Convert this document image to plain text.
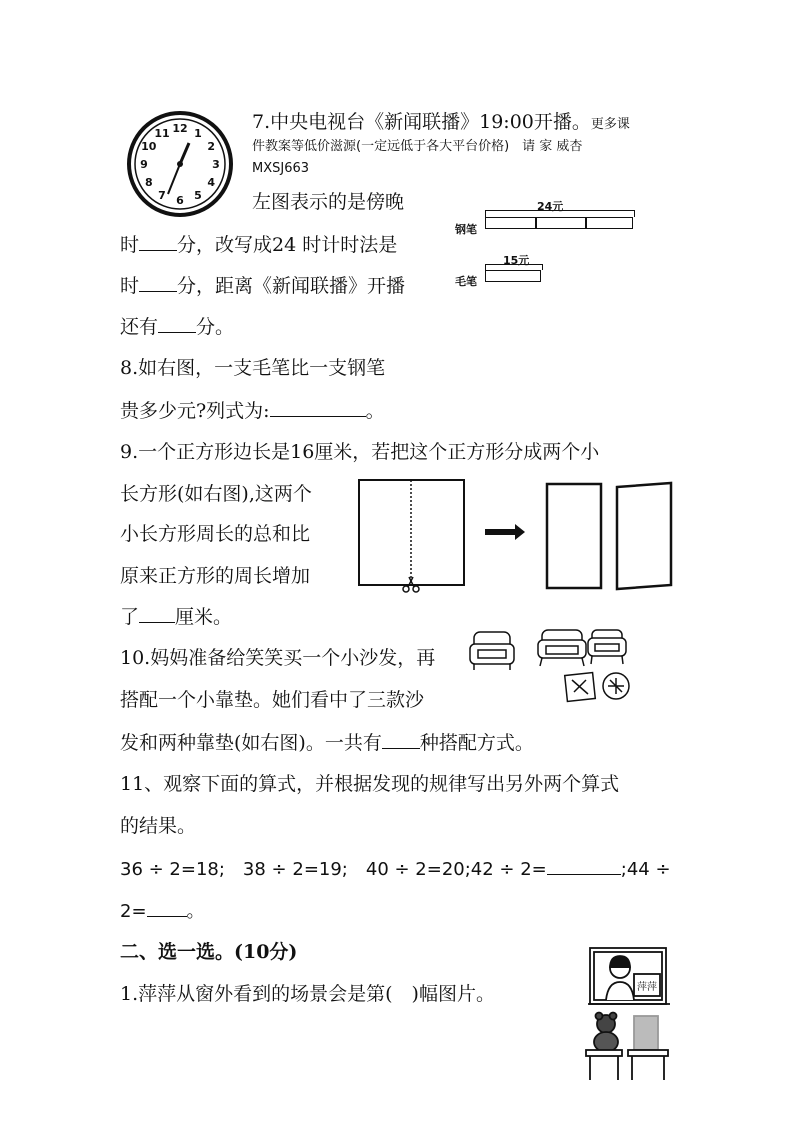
12 1
2
3
4
5
6
7
8
9
10
11
7.中央电视台《新闻联播》19:00开播。更多课
件教案等低价滋源(一定远低于各大平台价格)　请 家 威杏
MXSJ663
左图表示的是傍晚
时 分，改写成24 时计时法是
时 分，距离《新闻联播》开播
还有 分。
24元
钢笔
15元
毛笔
8.如右图，一支毛笔比一支钢笔
贵多少元?列式为:	。
9.一个正方形边长是16厘米，若把这个正方形分成两个小
长方形(如右图),这两个
小长方形周长的总和比
原来正方形的周长增加
了 厘米。
10.妈妈准备给笑笑买一个小沙发，再
搭配一个小靠垫。她们看中了三款沙
发和两种靠垫(如右图)。一共有 种搭配方式。
11、观察下面的算式，并根据发现的规律写出另外两个算式
的结果。
36 ÷ 2=18;　38 ÷ 2=19;　40 ÷ 2=20;42 ÷ 2=	;44 ÷
2= 。
二、选一选。(10分)
1.萍萍从窗外看到的场景会是第(　)幅图片。	萍萍
